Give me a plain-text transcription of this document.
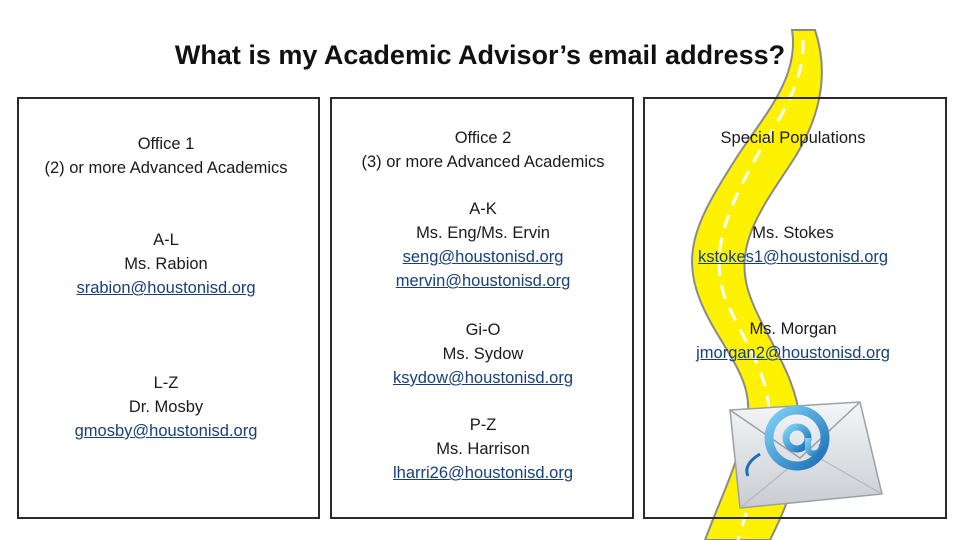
What is my Academic Advisor’s email address?
Office 1
(2) or more Advanced Academics
A-L
Ms. Rabion
srabion@houstonisd.org
L-Z
Dr. Mosby
gmosby@houstonisd.org
Office 2
(3) or more Advanced Academics
A-K
Ms. Eng/Ms. Ervin
seng@houstonisd.org
mervin@houstonisd.org
Gi-O
Ms. Sydow
ksydow@houstonisd.org
P-Z
Ms. Harrison
lharri26@houstonisd.org
Special Populations
Ms. Stokes
kstokes1@houstonisd.org
Ms. Morgan
jmorgan2@houstonisd.org
